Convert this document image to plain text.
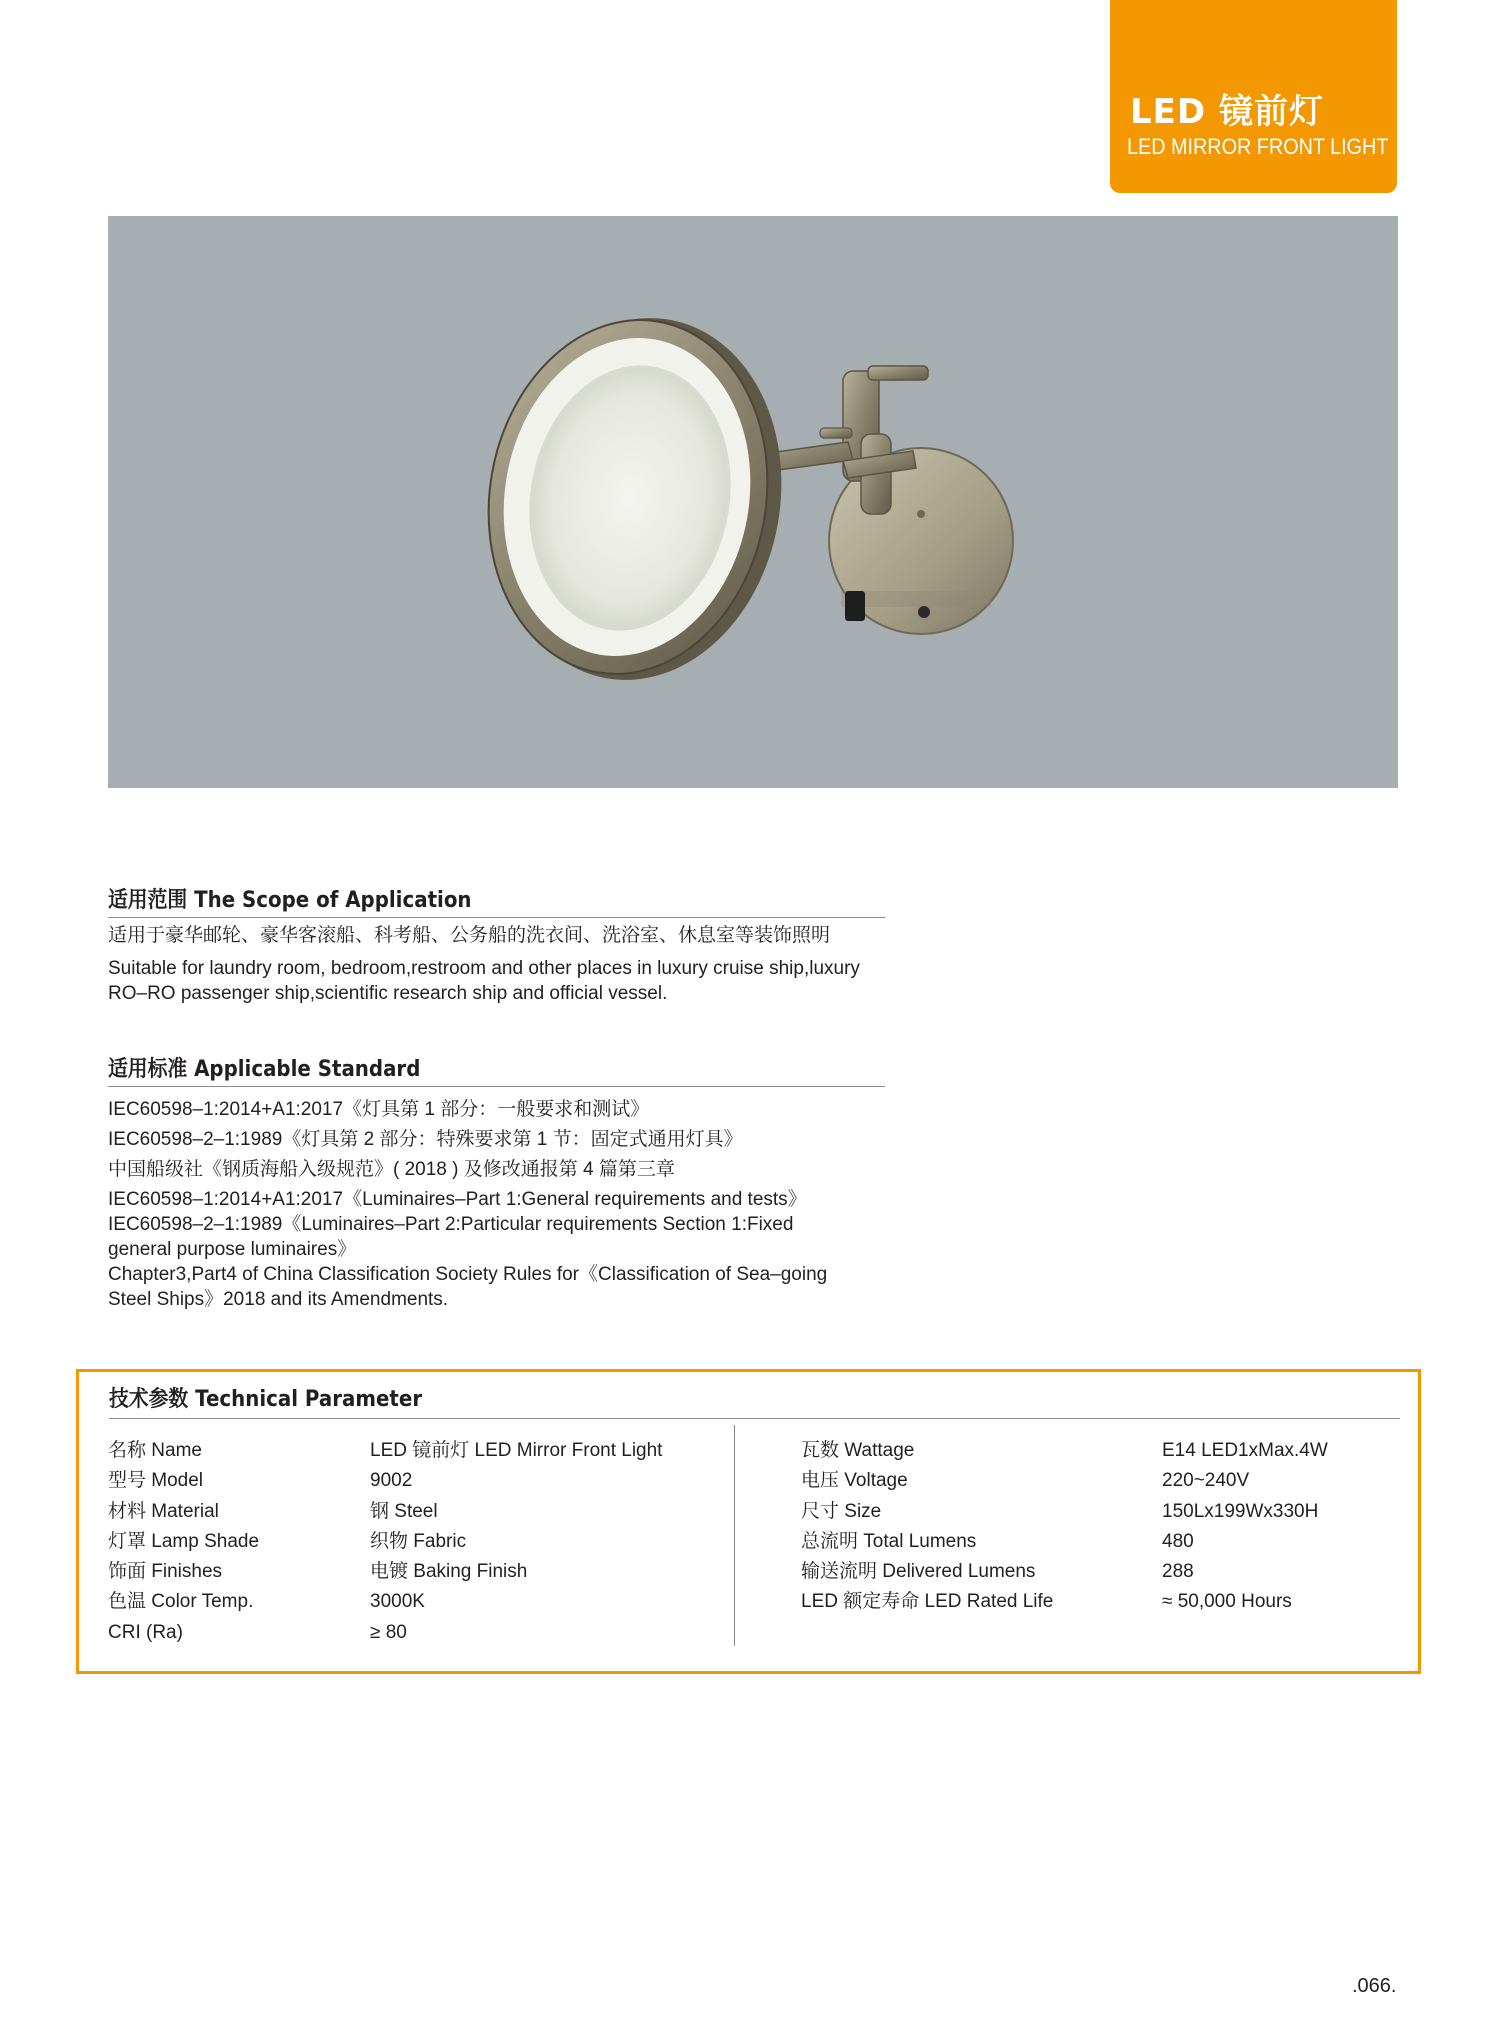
LED 镜前灯
LED MIRROR FRONT LIGHT
适用范围 The Scope of Application
适用于豪华邮轮、豪华客滚船、科考船、公务船的洗衣间、洗浴室、休息室等装饰照明
Suitable for laundry room, bedroom,restroom and other places in luxury cruise ship,luxury
RO–RO passenger ship,scientific research ship and official vessel.
适用标准 Applicable Standard
IEC60598–1:2014+A1:2017《灯具第 1 部分：一般要求和测试》
IEC60598–2–1:1989《灯具第 2 部分：特殊要求第 1 节：固定式通用灯具》
中国船级社《钢质海船入级规范》( 2018 ) 及修改通报第 4 篇第三章
IEC60598–1:2014+A1:2017《Luminaires–Part 1:General requirements and tests》
IEC60598–2–1:1989《Luminaires–Part 2:Particular requirements Section 1:Fixed
general purpose luminaires》
Chapter3,Part4 of China Classification Society Rules for《Classification of Sea–going
Steel Ships》2018 and its Amendments.
技术参数 Technical Parameter
名称 Name
型号 Model
材料 Material
灯罩 Lamp Shade
饰面 Finishes
色温 Color Temp.
CRI (Ra)
LED 镜前灯 LED Mirror Front Light
9002
钢 Steel
织物 Fabric
电镀 Baking Finish
3000K
≥ 80
瓦数 Wattage
电压 Voltage
尺寸 Size
总流明 Total Lumens
输送流明 Delivered Lumens
LED 额定寿命 LED Rated Life
E14 LED1xMax.4W
220~240V
150Lx199Wx330H
480
288
≈ 50,000 Hours
.066.
